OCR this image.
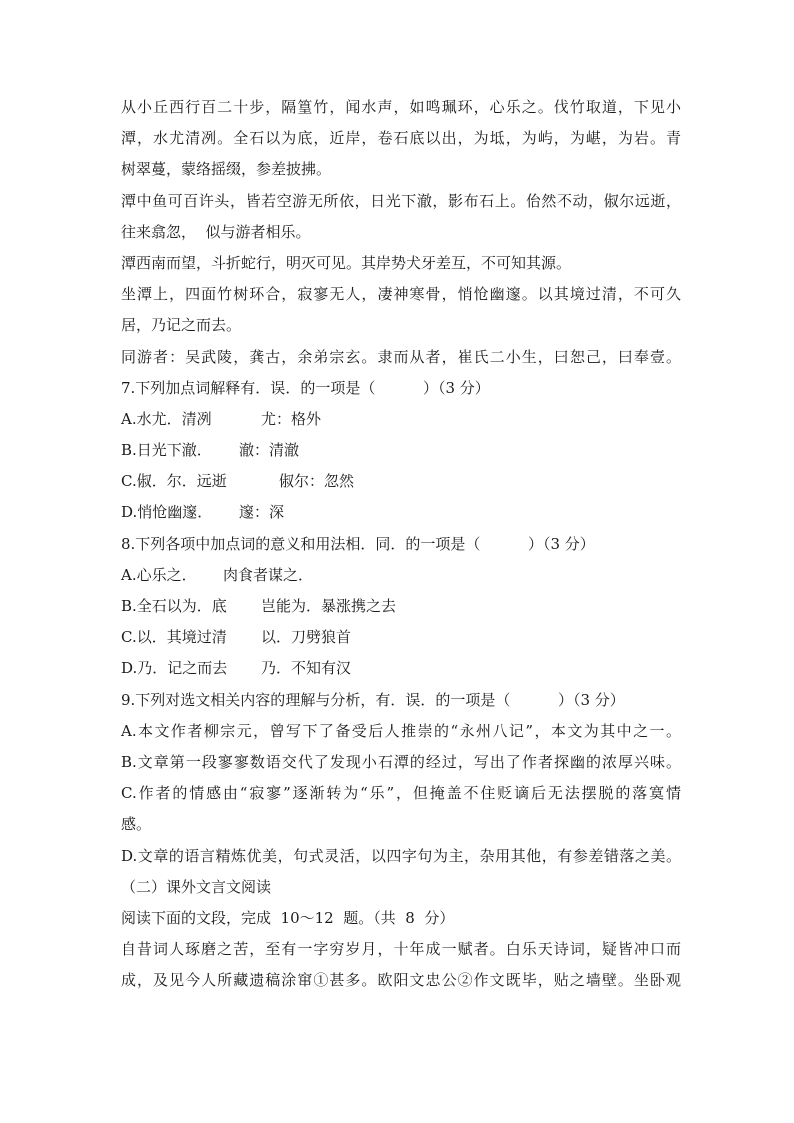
从小丘西行百二十步，隔篁竹，闻水声，如鸣珮环，心乐之。伐竹取道，下见小
潭，水尤清冽。全石以为底，近岸，卷石底以出，为坻，为屿，为嵁，为岩。青
树翠蔓，蒙络摇缀，参差披拂。
潭中鱼可百许头，皆若空游无所依，日光下澈，影布石上。佁然不动，俶尔远逝，
往来翕忽，  似与游者相乐。
潭西南而望，斗折蛇行，明灭可见。其岸势犬牙差互，不可知其源。
坐潭上，四面竹树环合，寂寥无人，凄神寒骨，悄怆幽邃。以其境过清，不可久
居，乃记之而去。
同游者：吴武陵，龚古，余弟宗玄。隶而从者，崔氏二小生，曰恕己，曰奉壹。
7.下列加点词解释有．误．的一项是（          ）（3 分）
A.水尤．清冽	尤：格外
B.日光下澈． 澈：清澈
C.俶．尔．远逝	俶尔：忽然
D.悄怆幽邃． 邃：深
8.下列各项中加点词的意义和用法相．同．的一项是（          ）（3 分）
A.心乐之． 肉食者谋之．
B.全石以为．底 岂能为．暴涨携之去
C.以．其境过清 以．刀劈狼首
D.乃．记之而去 乃．不知有汉
9.下列对选文相关内容的理解与分析，有．误．的一项是（          ）（3 分）
A.本文作者柳宗元，曾写下了备受后人推崇的“永州八记”，本文为其中之一。
B.文章第一段寥寥数语交代了发现小石潭的经过，写出了作者探幽的浓厚兴味。
C.作者的情感由“寂寥”逐渐转为“乐”，但掩盖不住贬谪后无法摆脱的落寞情
感。
D.文章的语言精炼优美，句式灵活，以四字句为主，杂用其他，有参差错落之美。
（二）课外文言文阅读
阅读下面的文段，完成  10～12  题。（共  8  分）
自昔词人琢磨之苦，至有一字穷岁月，十年成一赋者。白乐天诗词，疑皆冲口而
成，及见今人所藏遗稿涂窜①甚多。欧阳文忠公②作文既毕，贴之墙壁。坐卧观
